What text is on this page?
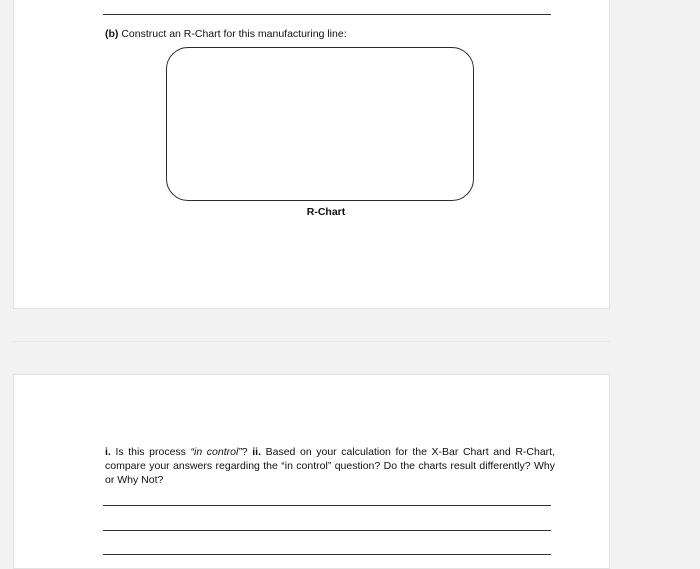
(b) Construct an R-Chart for this manufacturing line:
R-Chart
i. Is this process “in control”? ii. Based on your calculation for the X-Bar Chart and R-Chart, compare your answers regarding the “in control” question? Do the charts result differently? Why or Why Not?
